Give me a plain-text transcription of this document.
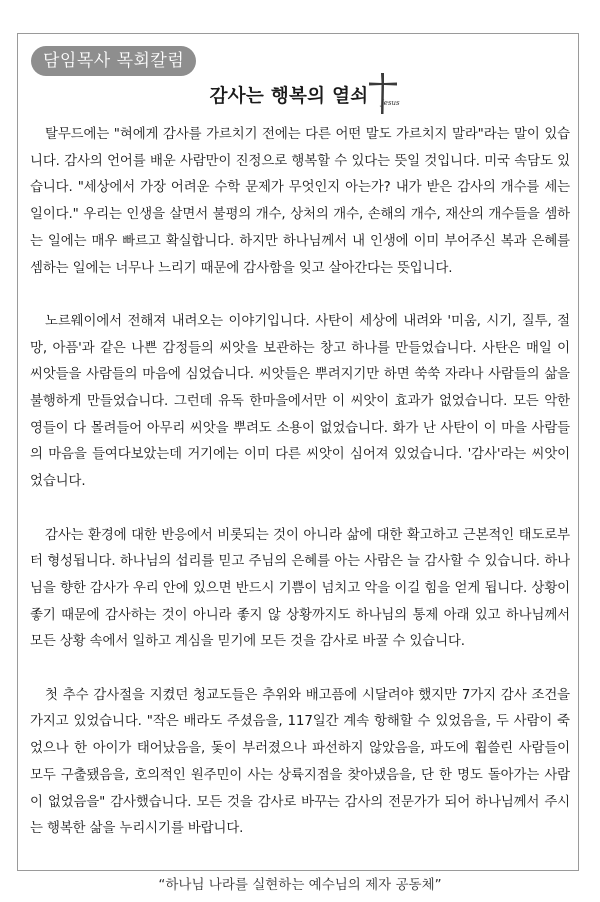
담임목사 목회칼럼
감사는 행복의 열쇠	Jesus

탈무드에는 "혀에게 감사를 가르치기 전에는 다른 어떤 말도 가르치지 말라"라는 말이 있습니다. 감사의 언어를 배운 사람만이 진정으로 행복할 수 있다는 뜻일 것입니다. 미국 속담도 있습니다. "세상에서 가장 어려운 수학 문제가 무엇인지 아는가? 내가 받은 감사의 개수를 세는 일이다." 우리는 인생을 살면서 불평의 개수, 상처의 개수, 손해의 개수, 재산의 개수들을 셈하는 일에는 매우 빠르고 확실합니다. 하지만 하나님께서 내 인생에 이미 부어주신 복과 은혜를 셈하는 일에는 너무나 느리기 때문에 감사함을 잊고 살아간다는 뜻입니다.

노르웨이에서 전해져 내려오는 이야기입니다. 사탄이 세상에 내려와 '미움, 시기, 질투, 절망, 아픔'과 같은 나쁜 감정들의 씨앗을 보관하는 창고 하나를 만들었습니다. 사탄은 매일 이 씨앗들을 사람들의 마음에 심었습니다. 씨앗들은 뿌려지기만 하면 쑥쑥 자라나 사람들의 삶을 불행하게 만들었습니다. 그런데 유독 한마을에서만 이 씨앗이 효과가 없었습니다. 모든 악한 영들이 다 몰려들어 아무리 씨앗을 뿌려도 소용이 없었습니다. 화가 난 사탄이 이 마을 사람들의 마음을 들여다보았는데 거기에는 이미 다른 씨앗이 심어져 있었습니다. '감사'라는 씨앗이었습니다.

감사는 환경에 대한 반응에서 비롯되는 것이 아니라 삶에 대한 확고하고 근본적인 태도로부터 형성됩니다. 하나님의 섭리를 믿고 주님의 은혜를 아는 사람은 늘 감사할 수 있습니다. 하나님을 향한 감사가 우리 안에 있으면 반드시 기쁨이 넘치고 악을 이길 힘을 얻게 됩니다. 상황이 좋기 때문에 감사하는 것이 아니라 좋지 않 상황까지도 하나님의 통제 아래 있고 하나님께서 모든 상황 속에서 일하고 계심을 믿기에 모든 것을 감사로 바꿀 수 있습니다.

첫 추수 감사절을 지켰던 청교도들은 추위와 배고픔에 시달려야 했지만 7가지 감사 조건을 가지고 있었습니다. "작은 배라도 주셨음을, 117일간 계속 항해할 수 있었음을, 두 사람이 죽었으나 한 아이가 태어났음을, 돛이 부러졌으나 파선하지 않았음을, 파도에 휩쓸린 사람들이 모두 구출됐음을, 호의적인 원주민이 사는 상륙지점을 찾아냈음을, 단 한 명도 돌아가는 사람이 없었음을" 감사했습니다. 모든 것을 감사로 바꾸는 감사의 전문가가 되어 하나님께서 주시는 행복한 삶을 누리시기를 바랍니다.

“하나님 나라를 실현하는 예수님의 제자 공동체”
